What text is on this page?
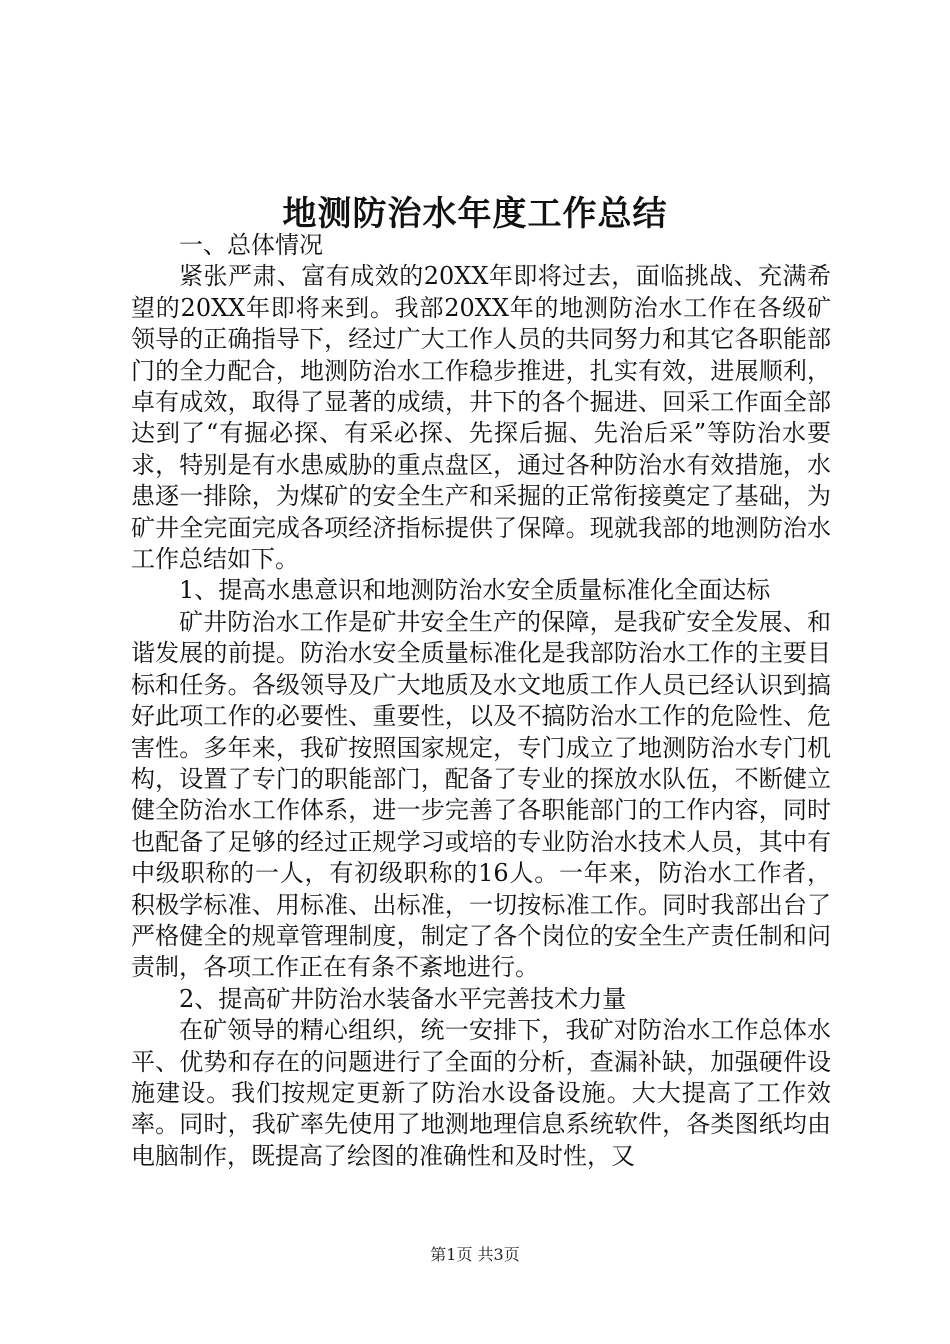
地测防治水年度工作总结

一、总体情况

紧张严肃、富有成效的20XX年即将过去，面临挑战、充满希望的20XX年即将来到。我部20XX年的地测防治水工作在各级矿领导的正确指导下，经过广大工作人员的共同努力和其它各职能部门的全力配合，地测防治水工作稳步推进，扎实有效，进展顺利，卓有成效，取得了显著的成绩，井下的各个掘进、回采工作面全部达到了“有掘必探、有采必探、先探后掘、先治后采”等防治水要求，特别是有水患威胁的重点盘区，通过各种防治水有效措施，水患逐一排除，为煤矿的安全生产和采掘的正常衔接奠定了基础，为矿井全完面完成各项经济指标提供了保障。现就我部的地测防治水工作总结如下。

1、提高水患意识和地测防治水安全质量标准化全面达标

矿井防治水工作是矿井安全生产的保障，是我矿安全发展、和谐发展的前提。防治水安全质量标准化是我部防治水工作的主要目标和任务。各级领导及广大地质及水文地质工作人员已经认识到搞好此项工作的必要性、重要性，以及不搞防治水工作的危险性、危害性。多年来，我矿按照国家规定，专门成立了地测防治水专门机构，设置了专门的职能部门，配备了专业的探放水队伍，不断健立健全防治水工作体系，进一步完善了各职能部门的工作内容，同时也配备了足够的经过正规学习或培的专业防治水技术人员，其中有中级职称的一人，有初级职称的16人。一年来，防治水工作者，积极学标准、用标准、出标准，一切按标准工作。同时我部出台了严格健全的规章管理制度，制定了各个岗位的安全生产责任制和问责制，各项工作正在有条不紊地进行。

2、提高矿井防治水装备水平完善技术力量

在矿领导的精心组织，统一安排下，我矿对防治水工作总体水平、优势和存在的问题进行了全面的分析，查漏补缺，加强硬件设施建设。我们按规定更新了防治水设备设施。大大提高了工作效率。同时，我矿率先使用了地测地理信息系统软件，各类图纸均由电脑制作，既提高了绘图的准确性和及时性，又

第1页 共3页
